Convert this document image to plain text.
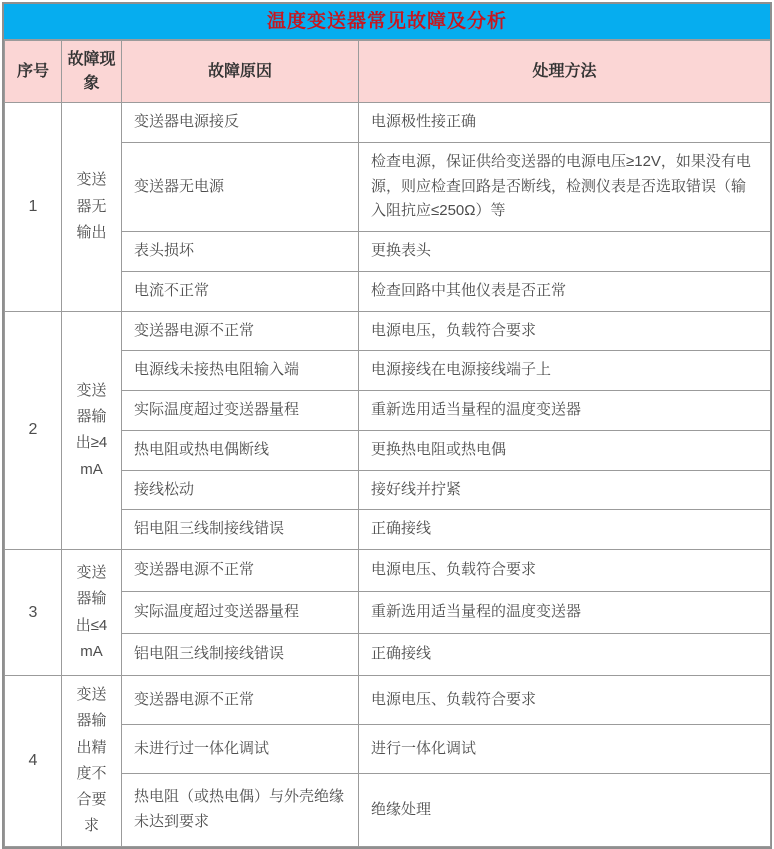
温度变送器常见故障及分析
序号	故障现象	故障原因	处理方法
1	变送器无输出	变送器电源接反	电源极性接正确
		变送器无电源	检查电源，保证供给变送器的电源电压≥12V，如果没有电源，则应检查回路是否断线，检测仪表是否选取错误（输入阻抗应≤250Ω）等
		表头损坏	更换表头
		电流不正常	检查回路中其他仪表是否正常
2	变送器输出≥4mA	变送器电源不正常	电源电压，负载符合要求
		电源线未接热电阻输入端	电源接线在电源接线端子上
		实际温度超过变送器量程	重新选用适当量程的温度变送器
		热电阻或热电偶断线	更换热电阻或热电偶
		接线松动	接好线并拧紧
		铝电阻三线制接线错误	正确接线
3	变送器输出≤4mA	变送器电源不正常	电源电压、负载符合要求
		实际温度超过变送器量程	重新选用适当量程的温度变送器
		铝电阻三线制接线错误	正确接线
4	变送器输出精度不合要求	变送器电源不正常	电源电压、负载符合要求
		未进行过一体化调试	进行一体化调试
		热电阻（或热电偶）与外壳绝缘未达到要求	绝缘处理
